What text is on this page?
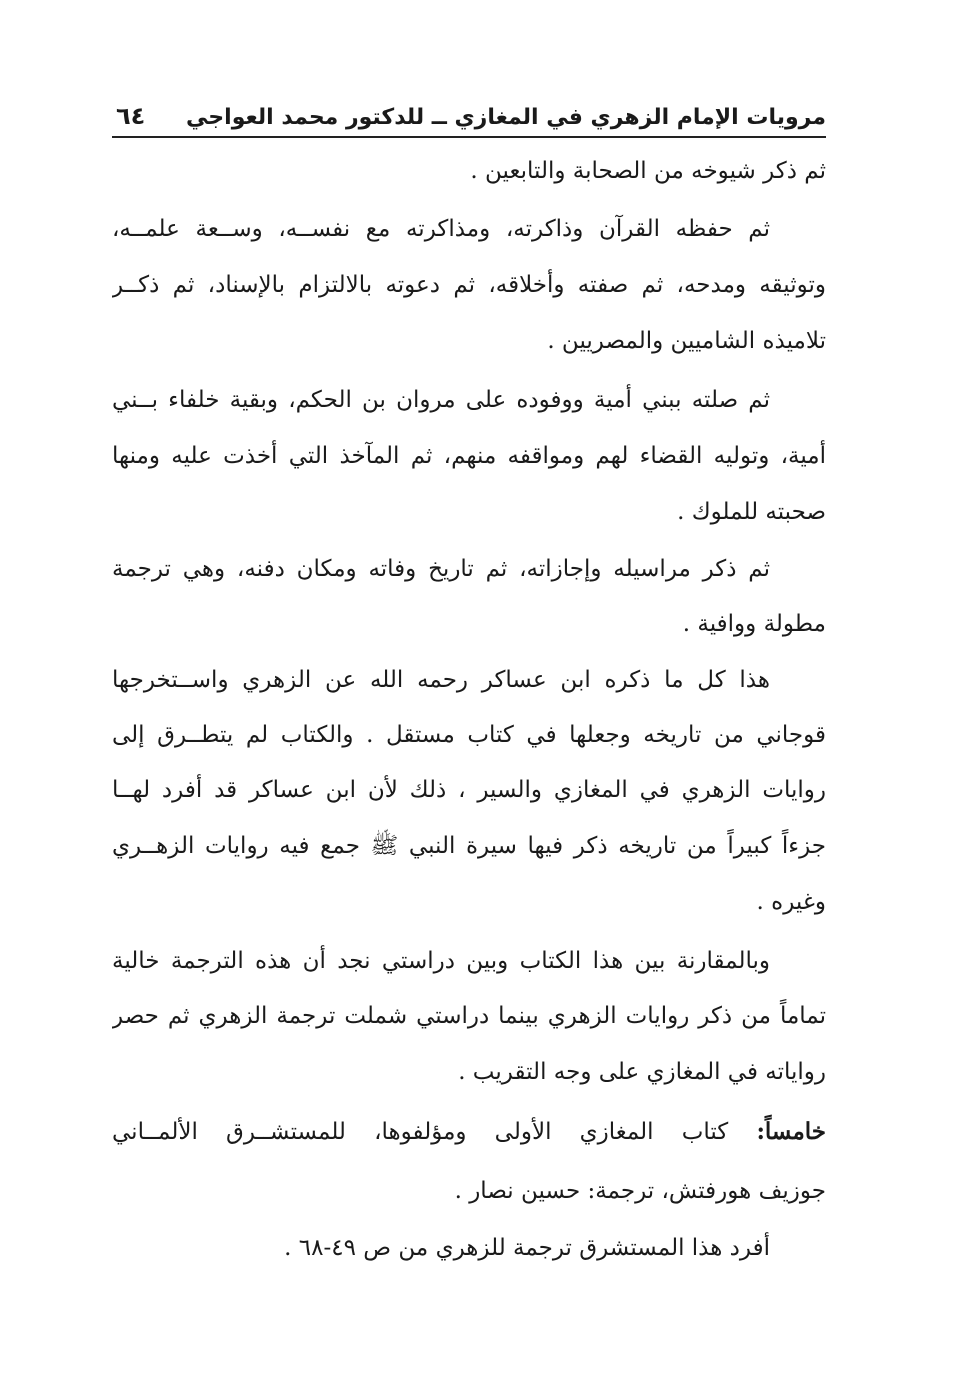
مرويات الإمام الزهري في المغازي ــ للدكتور محمد العواجي
٦٤
ثم ذكر شيوخه من الصحابة والتابعين .
ثم حفظه القرآن وذاكرته، ومذاكرته مع نفســه، وســعة علمــه،
وتوثيقه ومدحه، ثم صفته وأخلاقه، ثم دعوته بالالتزام بالإسناد، ثم ذكــر
تلاميذه الشاميين والمصريين .
ثم صلته ببني أمية ووفوده على مروان بن الحكم، وبقية خلفاء بــني
أمية، وتوليه القضاء لهم ومواقفه منهم، ثم المآخذ التي أخذت عليه ومنها
صحبته للملوك .
ثم ذكر مراسيله وإجازاته، ثم تاريخ وفاته ومكان دفنه، وهي ترجمة
مطولة ووافية .
هذا كل ما ذكره ابن عساكر رحمه الله عن الزهري واســتخرجها
قوجاني من تاريخه وجعلها في كتاب مستقل . والكتاب لم يتطــرق إلى
روايات الزهري في المغازي والسير ، ذلك لأن ابن عساكر قد أفرد لهــا
جزءاً كبيراً من تاريخه ذكر فيها سيرة النبي ﷺ جمع فيه روايات الزهــري
وغيره .
وبالمقارنة بين هذا الكتاب وبين دراستي نجد أن هذه الترجمة خالية
تماماً من ذكر روايات الزهري بينما دراستي شملت ترجمة الزهري ثم حصر
رواياته في المغازي على وجه التقريب .
خامساً: كتاب المغازي الأولى ومؤلفوها، للمستشــرق الألمــاني
جوزيف هورفتش، ترجمة: حسين نصار .
أفرد هذا المستشرق ترجمة للزهري من ص ٤٩-٦٨ .
